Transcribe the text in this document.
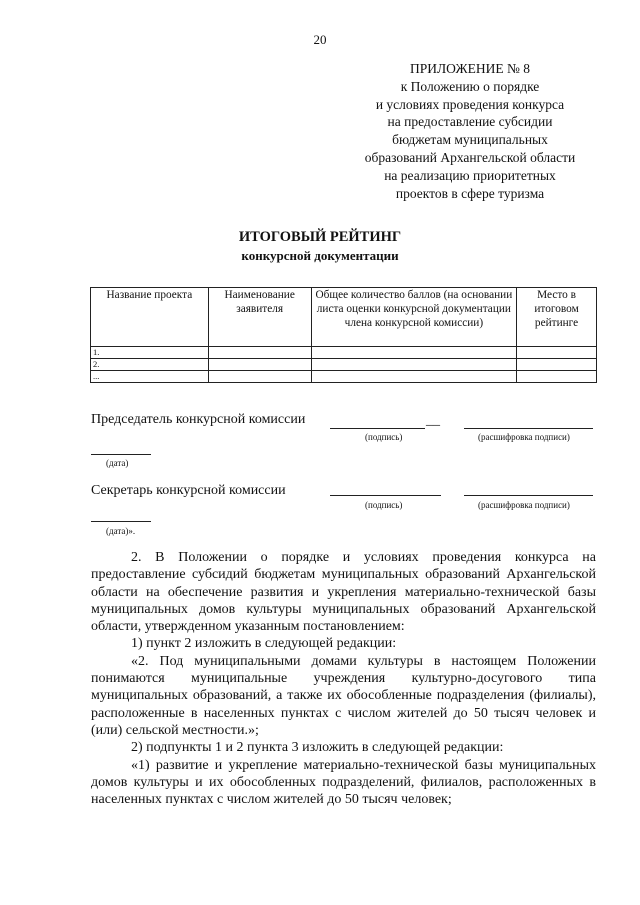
20
ПРИЛОЖЕНИЕ № 8
к Положению о порядке
и условиях проведения конкурса
на предоставление субсидии
бюджетам муниципальных
образований Архангельской области
на реализацию приоритетных
проектов в сфере туризма
ИТОГОВЫЙ РЕЙТИНГ
конкурсной документации
Название проекта	Наименование заявителя	Общее количество баллов (на основании листа оценки конкурсной документации члена конкурсной комиссии)	Место в итоговом рейтинге
1.			
2.			
...			
Председатель конкурсной комиссии	__
(подпись)	(расшифровка подписи)
(дата)
Секретарь конкурсной комиссии
(подпись)	(расшифровка подписи)
(дата)».

2. В Положении о порядке и условиях проведения конкурса на предоставление субсидий бюджетам муниципальных образований Архангельской области на обеспечение развития и укрепления материально-технической базы муниципальных домов культуры муниципальных образований Архангельской области, утвержденном указанным постановлением:

1) пункт 2 изложить в следующей редакции:

«2. Под муниципальными домами культуры в настоящем Положении понимаются муниципальные учреждения культурно-досугового типа муниципальных образований, а также их обособленные подразделения (филиалы), расположенные в населенных пунктах с числом жителей до 50 тысяч человек и (или) сельской местности.»;

2) подпункты 1 и 2 пункта 3 изложить в следующей редакции:

«1) развитие и укрепление материально-технической базы муниципальных домов культуры и их обособленных подразделений, филиалов, расположенных в населенных пунктах с числом жителей до 50 тысяч человек;
